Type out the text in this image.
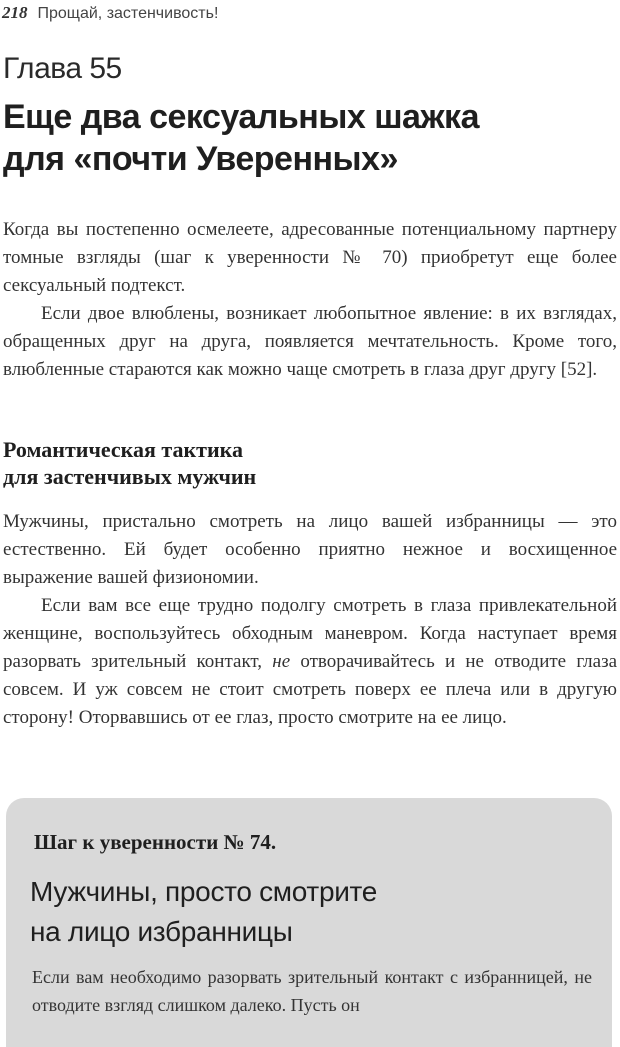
218 Прощай, застенчивость!
Глава 55
Еще два сексуальных шажка
для «почти Уверенных»

Когда вы постепенно осмелеете, адресованные потенциальному партнеру томные взгляды (шаг к уверенности № 70) приобретут еще более сексуальный подтекст.

Если двое влюблены, возникает любопытное явление: в их взглядах, обращенных друг на друга, появляется мечтательность. Кроме того, влюбленные стараются как можно чаще смотреть в глаза друг другу [52].

Романтическая тактика
для застенчивых мужчин

Мужчины, пристально смотреть на лицо вашей избранницы — это естественно. Ей будет особенно приятно нежное и восхищенное выражение вашей физиономии.

Если вам все еще трудно подолгу смотреть в глаза привлекательной женщине, воспользуйтесь обходным маневром. Когда наступает время разорвать зрительный контакт, не отворачивайтесь и не отводите глаза совсем. И уж совсем не стоит смотреть поверх ее плеча или в другую сторону! Оторвавшись от ее глаз, просто смотрите на ее лицо.

Шаг к уверенности № 74.
Мужчины, просто смотрите
на лицо избранницы

Если вам необходимо разорвать зрительный контакт с избранницей, не отводите взгляд слишком далеко. Пусть он
